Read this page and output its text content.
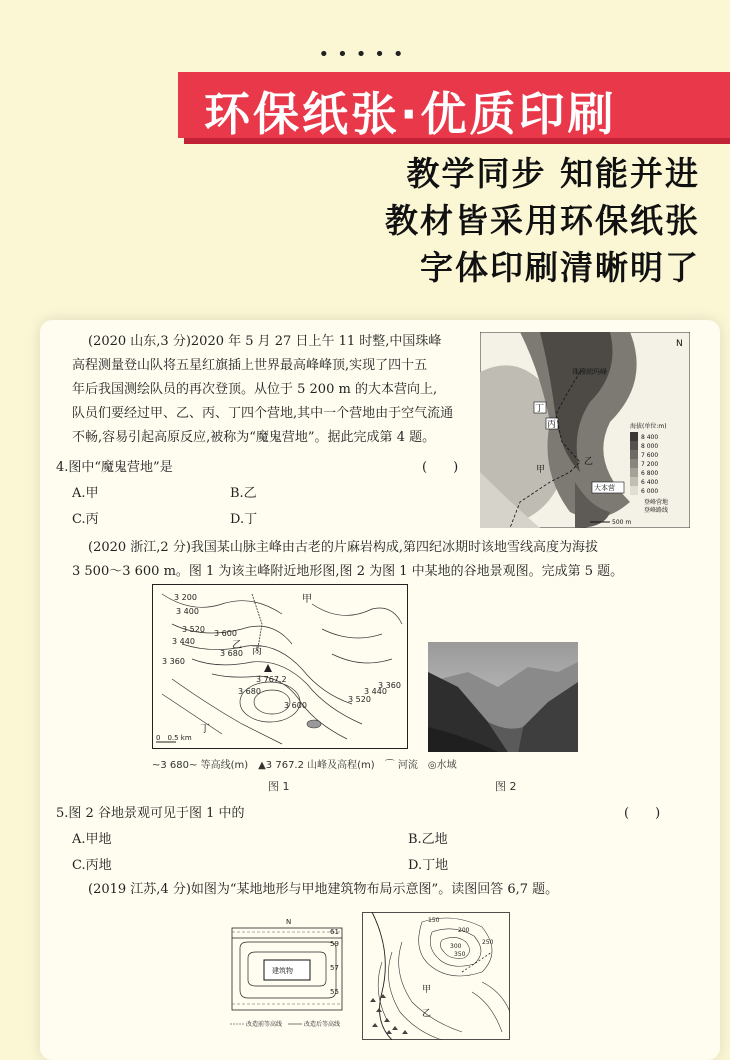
•••••
环保纸张·优质印刷
教学同步 知能并进
教材皆采用环保纸张
字体印刷清晰明了
(2020 山东,3 分)2020 年 5 月 27 日上午 11 时整,中国珠峰
高程测量登山队将五星红旗插上世界最高峰峰顶,实现了四十五
年后我国测绘队员的再次登顶。从位于 5 200 m 的大本营向上,
队员们要经过甲、乙、丙、丁四个营地,其中一个营地由于空气流通
不畅,容易引起高原反应,被称为“魔鬼营地”。据此完成第 4 题。
4.图中“魔鬼营地”是	(　　)
A.甲	B.乙
C.丙	D.丁
N
珠穆朗玛峰
丁
丙
乙
甲
大本营
海拔(单位:m)
8 400
8 000
7 600
7 200
6 800
6 400
6 000
登峰营地
登峰路线
500 m
(2020 浙江,2 分)我国某山脉主峰由古老的片麻岩构成,第四纪冰期时该地雪线高度为海拔
3 500～3 600 m。图 1 为该主峰附近地形图,图 2 为图 1 中某地的谷地景观图。完成第 5 题。
3 200
3 400
3 520 3 600
3 680
3 440
3 360
3 680
3 767.2
3 600
3 520
3 440
3 360
甲
乙
丙
丁
0　0.5 km
~3 680~ 等高线(m)　▲3 767.2 山峰及高程(m)　⌒ 河流　◎水域
图 1	图 2
5.图 2 谷地景观可见于图 1 中的	(　　)
A.甲地	B.乙地
C.丙地	D.丁地
(2019 江苏,4 分)如图为“某地地形与甲地建筑物布局示意图”。读图回答 6,7 题。
N
建筑物
61
59
57
55
改造前等高线	改造后等高线
150
200
250
300
350
甲
乙
